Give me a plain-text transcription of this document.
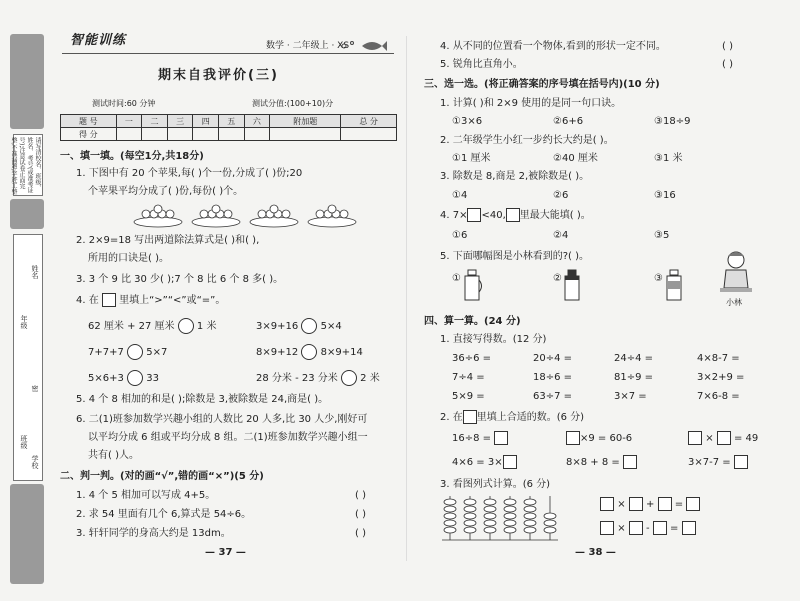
请写清校名、班级、姓名、考号(或准考证号);注意试卷正面完整,不准漏题;字迹工整
姓名
年级
密
班级
学校
智能训练	数学 · 二年级上 · XS
期末自我评价(三)
测试时间:60 分钟	测试分值:(100+10)分
题 号	一	二	三	四	五	六	附加题	总 分
得 分								
一、填一填。(每空1分,共18分)
1. 下图中有 20 个苹果,每( )个一份,分成了( )份;20
个苹果平均分成了( )份,每份( )个。
2. 2×9=18 写出两道除法算式是( )和( ),
所用的口诀是( )。
3. 3 个 9 比 30 少( );7 个 8 比 6 个 8 多( )。
4. 在 里填上“>”“<”或“=”。
62 厘米 + 27 厘米 1 米	3×9+16 5×4
7+7+7 5×7	8×9+12 8×9+14
5×6+3 33	28 分米 - 23 分米 2 米
5. 4 个 8 相加的和是( );除数是 3,被除数是 24,商是( )。
6. 二(1)班参加数学兴趣小组的人数比 20 人多,比 30 人少,刚好可
以平均分成 6 组或平均分成 8 组。二(1)班参加数学兴趣小组一
共有( )人。
二、判一判。(对的画“√”,错的画“×”)(5 分)
1. 4 个 5 相加可以写成 4+5。	( )
2. 求 54 里面有几个 6,算式是 54÷6。	( )
3. 轩轩同学的身高大约是 13dm。	( )
— 37 —
4. 从不同的位置看一个物体,看到的形状一定不同。	( )
5. 锐角比直角小。	( )
三、选一选。(将正确答案的序号填在括号内)(10 分)
1. 计算( )和 2×9 使用的是同一句口诀。
①3×6	②6+6	③18÷9
2. 二年级学生小红一步约长大约是( )。
①1 厘米	②40 厘米	③1 米
3. 除数是 8,商是 2,被除数是( )。
①4	②6	③16
4. 7× <40, 里最大能填( )。
①6	②4	③5
5. 下面哪幅图是小林看到的?( )。
①	②	③
小林
四、算一算。(24 分)
1. 直接写得数。(12 分)
36÷6 =	20÷4 =	24÷4 =	4×8-7 =
7÷4 =	18÷6 =	81÷9 =	3×2+9 =
5×9 =	63÷7 =	3×7 =	7×6-8 =
2. 在 里填上合适的数。(6 分)
16÷8 =	×9 = 60-6	× = 49
4×6 = 3×	8×8 + 8 =	3×7-7 =
3. 看图列式计算。(6 分)
× + =
× - =
— 38 —
